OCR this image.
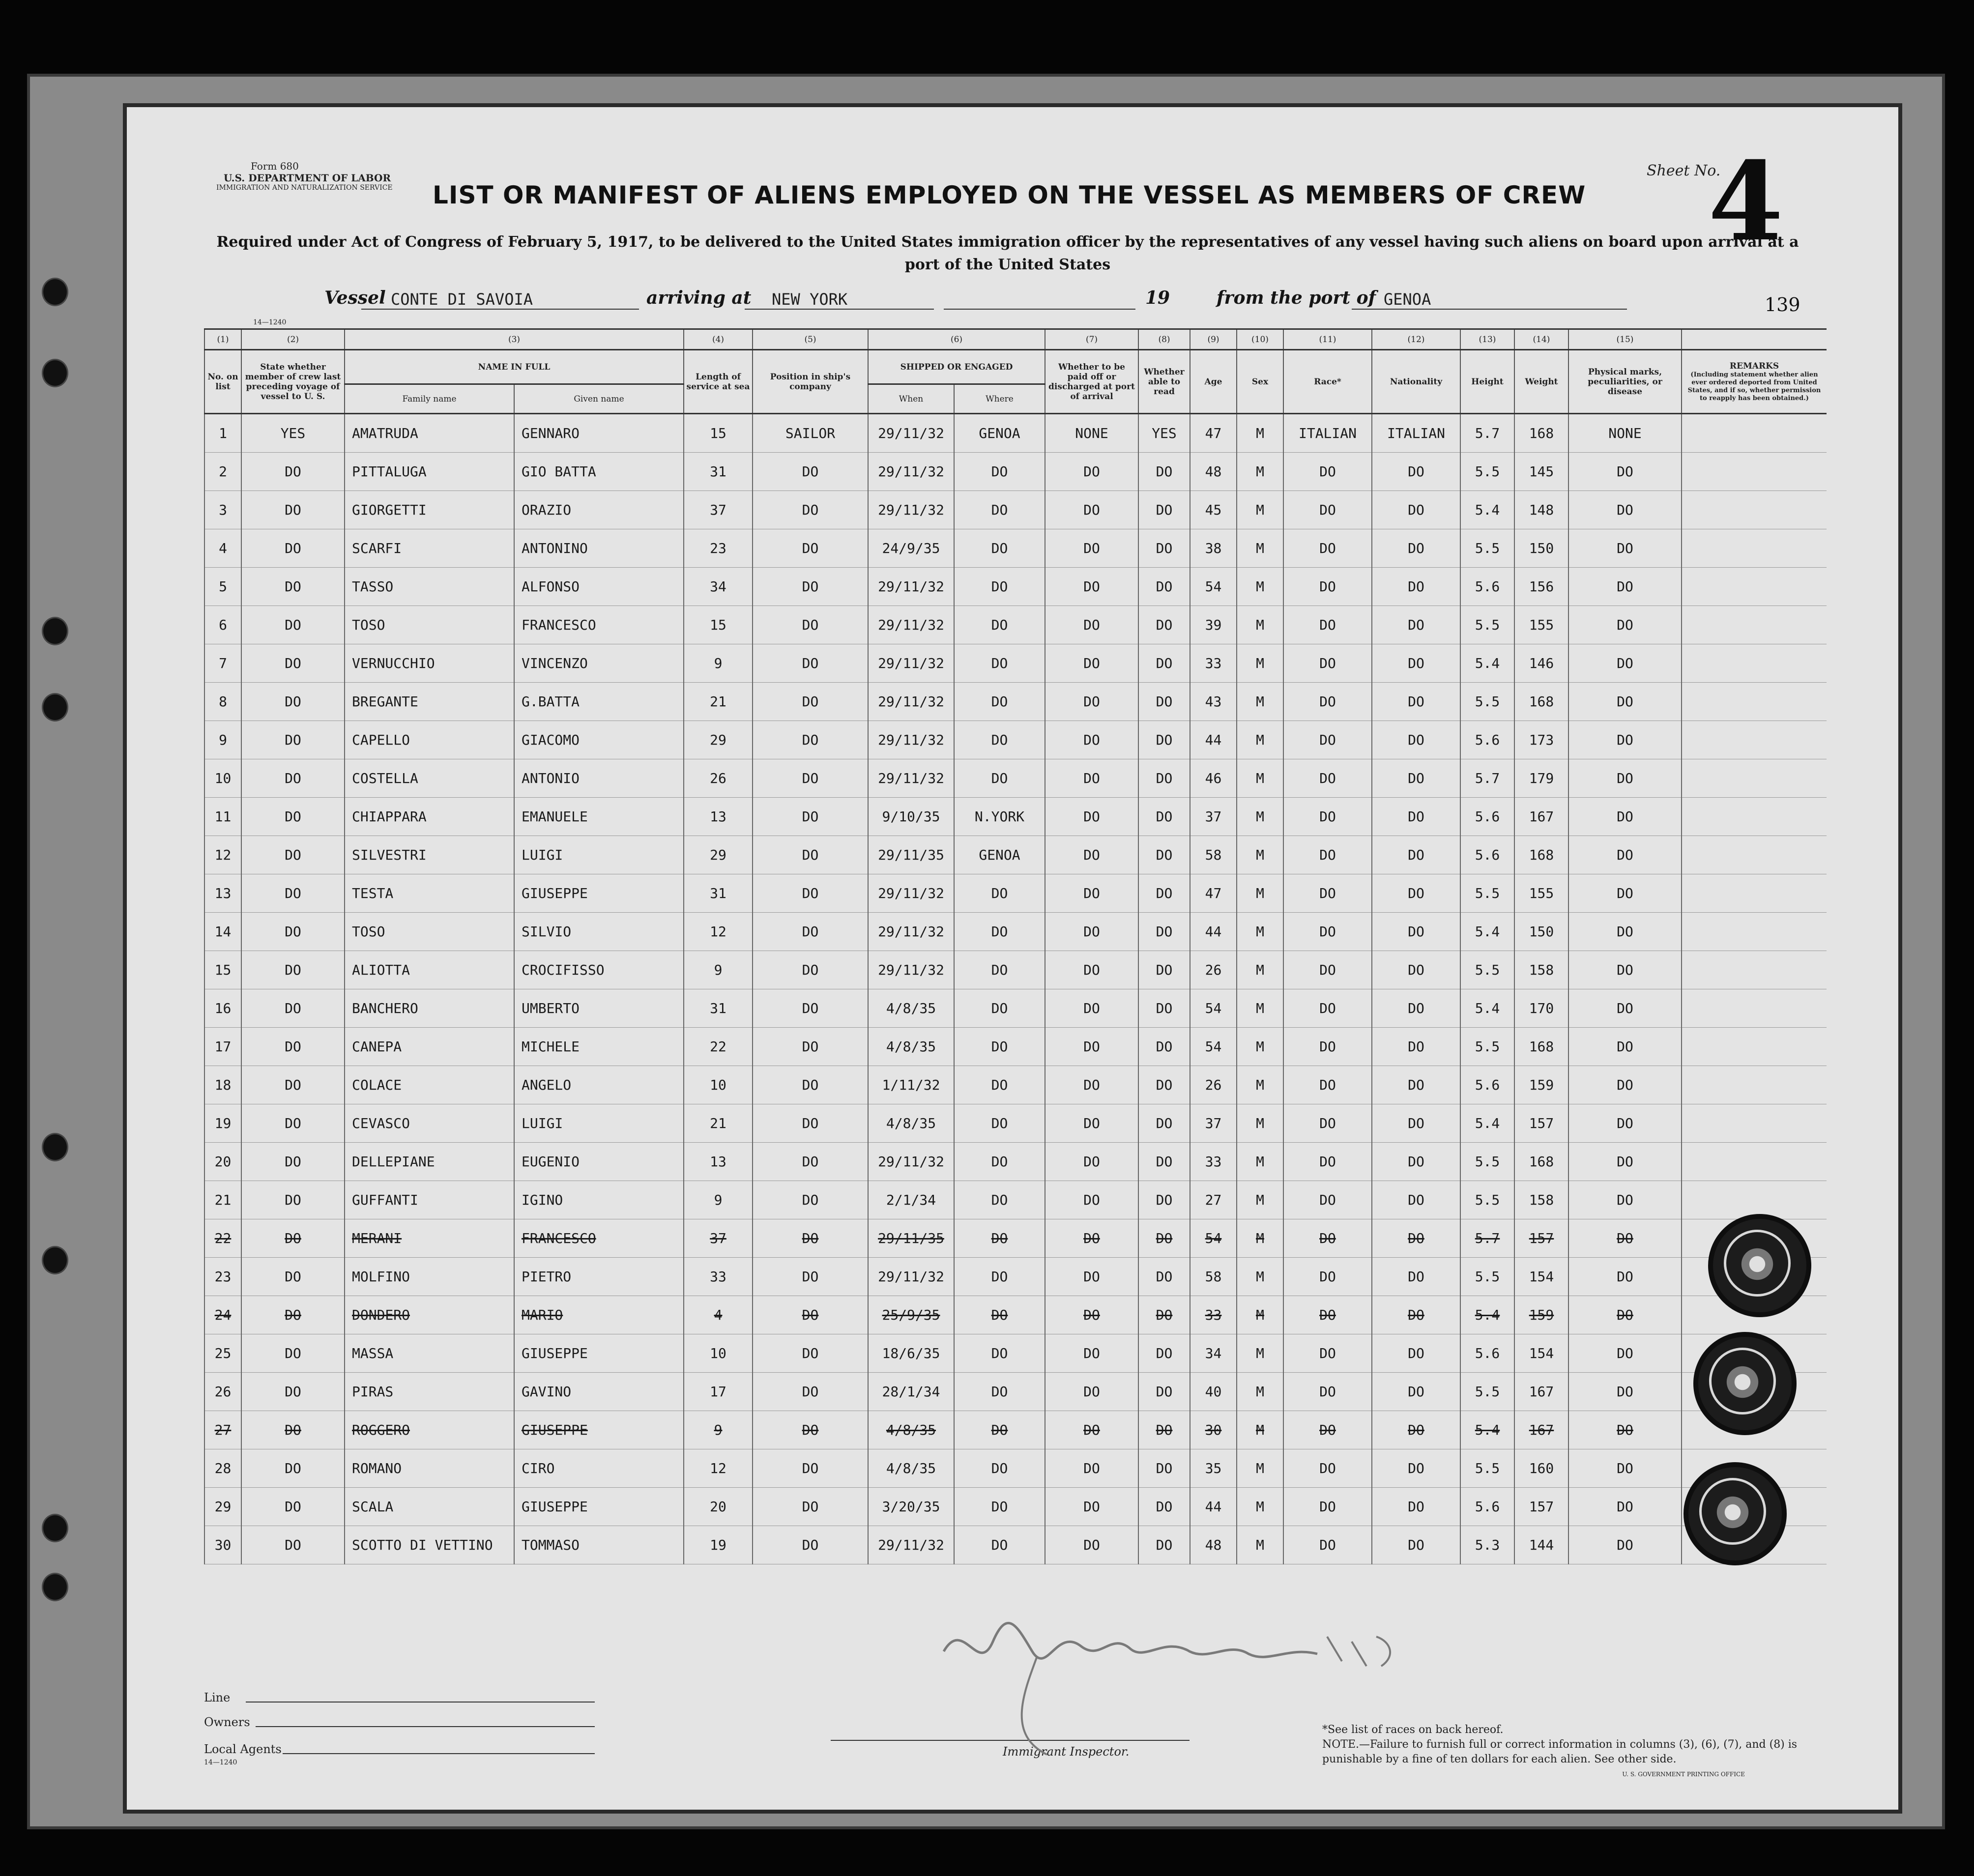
Form 680
U.S. DEPARTMENT OF LABOR
IMMIGRATION AND NATURALIZATION SERVICE LIST OR MANIFEST OF ALIENS EMPLOYED ON THE VESSEL AS MEMBERS OF CREW
Required under Act of Congress of February 5, 1917, to be delivered to the United States immigration officer by the representatives of any vessel having such aliens on board upon arrival at a port of the United States
Sheet No.
4
Vessel CONTE DI SAVOIA	arriving at NEW YORK	19	from the port of GENOA	139
14—1240
(1)	(2)	(3)		(4)	(5)	(6)		(7)	(8)	(9)	(10)	(11)	(12)	(13)	(14)	(15)	
No. on list	State whether member of crew last preceding voyage of vessel to U. S.	NAME IN FULL		Length of service at sea	Position in ship's company	SHIPPED OR ENGAGED		Whether to be paid off or discharged at port of arrival	Whether able to read	Age	Sex	Race*	Nationality	Height	Weight	Physical marks, peculiarities, or disease	REMARKS
(Including statement whether alien ever ordered deported from United States, and if so, whether permission to reapply has been obtained.)

		Family name	Given name			When	Where										
1	YES	AMATRUDA	GENNARO	15	SAILOR	29/11/32	GENOA	NONE	YES	47	M	ITALIAN	ITALIAN	5.7	168	NONE	
2	DO	PITTALUGA	GIO BATTA	31	DO	29/11/32	DO	DO	DO	48	M	DO	DO	5.5	145	DO	
3	DO	GIORGETTI	ORAZIO	37	DO	29/11/32	DO	DO	DO	45	M	DO	DO	5.4	148	DO	
4	DO	SCARFI	ANTONINO	23	DO	24/9/35	DO	DO	DO	38	M	DO	DO	5.5	150	DO	
5	DO	TASSO	ALFONSO	34	DO	29/11/32	DO	DO	DO	54	M	DO	DO	5.6	156	DO	
6	DO	TOSO	FRANCESCO	15	DO	29/11/32	DO	DO	DO	39	M	DO	DO	5.5	155	DO	
7	DO	VERNUCCHIO	VINCENZO	9	DO	29/11/32	DO	DO	DO	33	M	DO	DO	5.4	146	DO	
8	DO	BREGANTE	G.BATTA	21	DO	29/11/32	DO	DO	DO	43	M	DO	DO	5.5	168	DO	
9	DO	CAPELLO	GIACOMO	29	DO	29/11/32	DO	DO	DO	44	M	DO	DO	5.6	173	DO	
10	DO	COSTELLA	ANTONIO	26	DO	29/11/32	DO	DO	DO	46	M	DO	DO	5.7	179	DO	
11	DO	CHIAPPARA	EMANUELE	13	DO	9/10/35	N.YORK	DO	DO	37	M	DO	DO	5.6	167	DO	
12	DO	SILVESTRI	LUIGI	29	DO	29/11/35	GENOA	DO	DO	58	M	DO	DO	5.6	168	DO	
13	DO	TESTA	GIUSEPPE	31	DO	29/11/32	DO	DO	DO	47	M	DO	DO	5.5	155	DO	
14	DO	TOSO	SILVIO	12	DO	29/11/32	DO	DO	DO	44	M	DO	DO	5.4	150	DO	
15	DO	ALIOTTA	CROCIFISSO	9	DO	29/11/32	DO	DO	DO	26	M	DO	DO	5.5	158	DO	
16	DO	BANCHERO	UMBERTO	31	DO	4/8/35	DO	DO	DO	54	M	DO	DO	5.4	170	DO	
17	DO	CANEPA	MICHELE	22	DO	4/8/35	DO	DO	DO	54	M	DO	DO	5.5	168	DO	
18	DO	COLACE	ANGELO	10	DO	1/11/32	DO	DO	DO	26	M	DO	DO	5.6	159	DO	
19	DO	CEVASCO	LUIGI	21	DO	4/8/35	DO	DO	DO	37	M	DO	DO	5.4	157	DO	
20	DO	DELLEPIANE	EUGENIO	13	DO	29/11/32	DO	DO	DO	33	M	DO	DO	5.5	168	DO	
21	DO	GUFFANTI	IGINO	9	DO	2/1/34	DO	DO	DO	27	M	DO	DO	5.5	158	DO	
22	DO	MERANI	FRANCESCO	37	DO	29/11/35	DO	DO	DO	54	M	DO	DO	5.7	157	DO	
23	DO	MOLFINO	PIETRO	33	DO	29/11/32	DO	DO	DO	58	M	DO	DO	5.5	154	DO	
24	DO	DONDERO	MARIO	4	DO	25/9/35	DO	DO	DO	33	M	DO	DO	5.4	159	DO	
25	DO	MASSA	GIUSEPPE	10	DO	18/6/35	DO	DO	DO	34	M	DO	DO	5.6	154	DO	
26	DO	PIRAS	GAVINO	17	DO	28/1/34	DO	DO	DO	40	M	DO	DO	5.5	167	DO	
27	DO	ROGGERO	GIUSEPPE	9	DO	4/8/35	DO	DO	DO	30	M	DO	DO	5.4	167	DO	
28	DO	ROMANO	CIRO	12	DO	4/8/35	DO	DO	DO	35	M	DO	DO	5.5	160	DO	
29	DO	SCALA	GIUSEPPE	20	DO	3/20/35	DO	DO	DO	44	M	DO	DO	5.6	157	DO	
30	DO	SCOTTO DI VETTINO	TOMMASO	19	DO	29/11/32	DO	DO	DO	48	M	DO	DO	5.3	144	DO	
Line
Owners
Local Agents
14—1240
Immigrant Inspector.
*See list of races on back hereof.
NOTE.—Failure to furnish full or correct information in columns (3), (6), (7), and (8) is punishable by a fine of ten dollars for each alien. See other side.
U. S. GOVERNMENT PRINTING OFFICE
